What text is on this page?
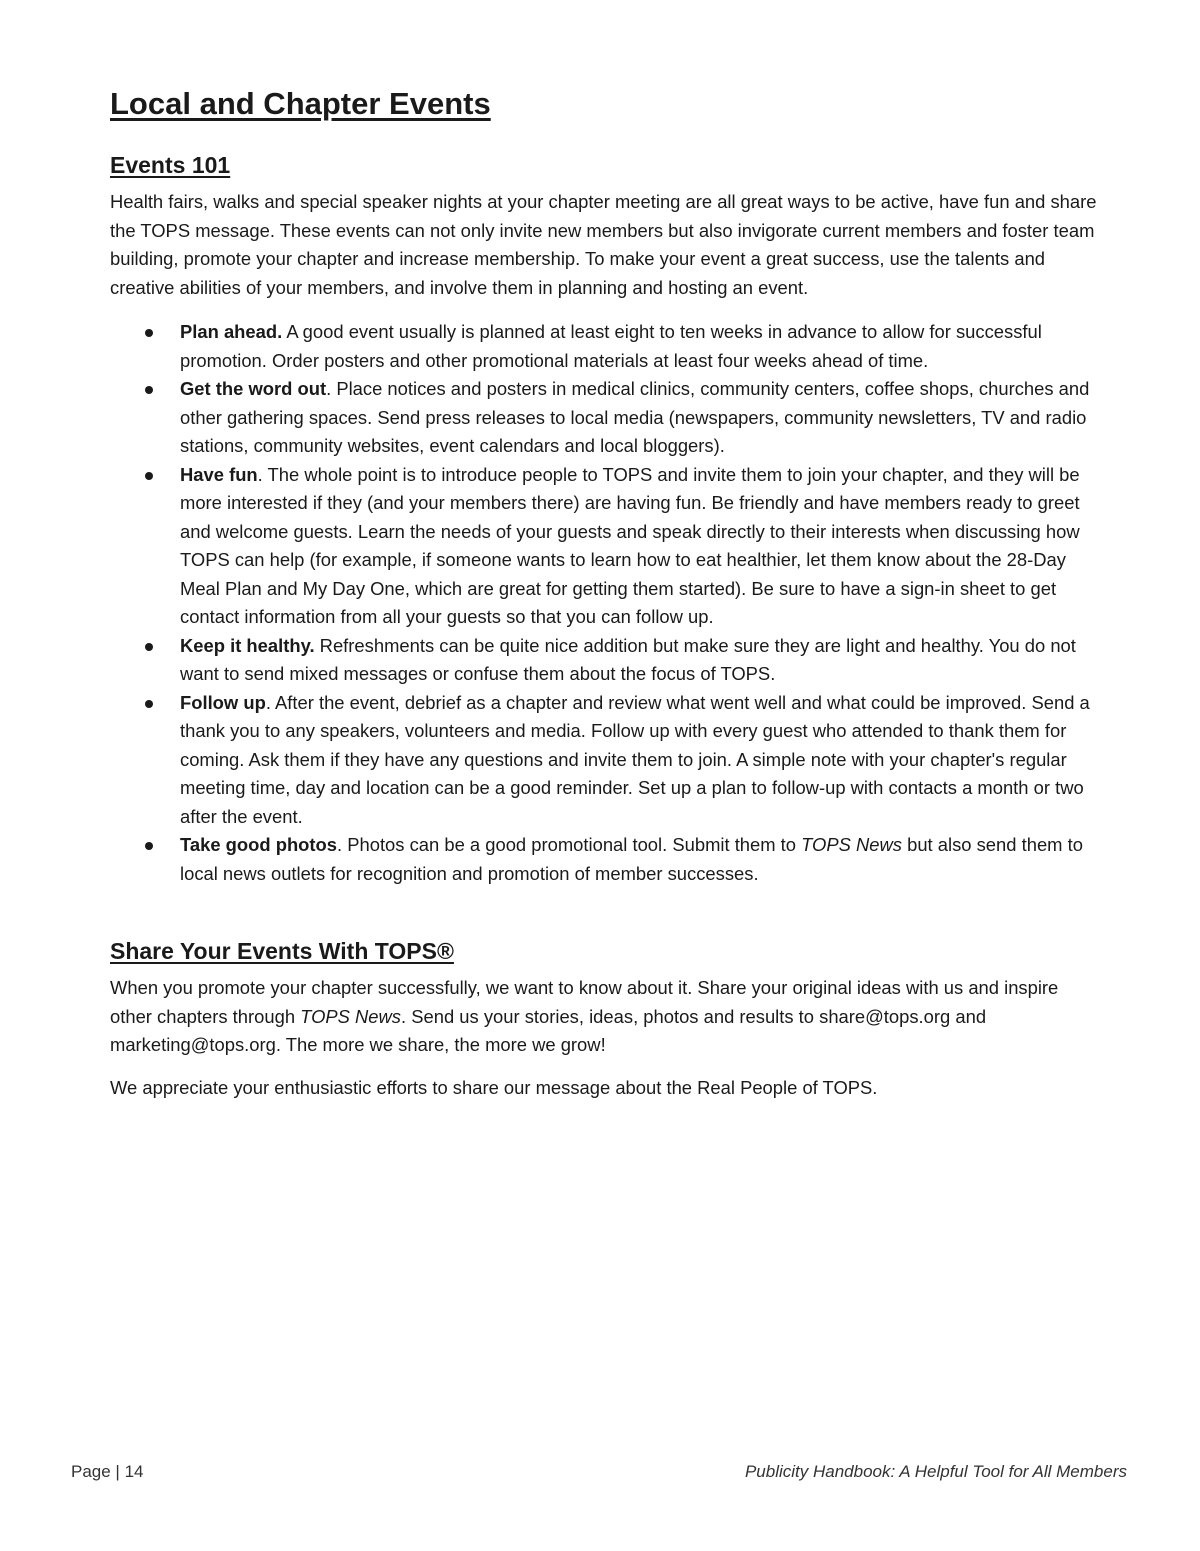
Local and Chapter Events
Events 101

Health fairs, walks and special speaker nights at your chapter meeting are all great ways to be active, have fun and share the TOPS message. These events can not only invite new members but also invigorate current members and foster team building, promote your chapter and increase membership. To make your event a great success, use the talents and creative abilities of your members, and involve them in planning and hosting an event.

Plan ahead. A good event usually is planned at least eight to ten weeks in advance to allow for successful promotion. Order posters and other promotional materials at least four weeks ahead of time.
Get the word out. Place notices and posters in medical clinics, community centers, coffee shops, churches and other gathering spaces. Send press releases to local media (newspapers, community newsletters, TV and radio stations, community websites, event calendars and local bloggers).
Have fun. The whole point is to introduce people to TOPS and invite them to join your chapter, and they will be more interested if they (and your members there) are having fun. Be friendly and have members ready to greet and welcome guests. Learn the needs of your guests and speak directly to their interests when discussing how TOPS can help (for example, if someone wants to learn how to eat healthier, let them know about the 28-Day Meal Plan and My Day One, which are great for getting them started). Be sure to have a sign-in sheet to get contact information from all your guests so that you can follow up.
Keep it healthy. Refreshments can be quite nice addition but make sure they are light and healthy. You do not want to send mixed messages or confuse them about the focus of TOPS.
Follow up. After the event, debrief as a chapter and review what went well and what could be improved. Send a thank you to any speakers, volunteers and media. Follow up with every guest who attended to thank them for coming. Ask them if they have any questions and invite them to join. A simple note with your chapter's regular meeting time, day and location can be a good reminder. Set up a plan to follow-up with contacts a month or two after the event.
Take good photos. Photos can be a good promotional tool. Submit them to TOPS News but also send them to local news outlets for recognition and promotion of member successes.
Share Your Events With TOPS®

When you promote your chapter successfully, we want to know about it. Share your original ideas with us and inspire other chapters through TOPS News. Send us your stories, ideas, photos and results to share@tops.org and marketing@tops.org. The more we share, the more we grow!

We appreciate your enthusiastic efforts to share our message about the Real People of TOPS.

Page | 14	Publicity Handbook: A Helpful Tool for All Members
